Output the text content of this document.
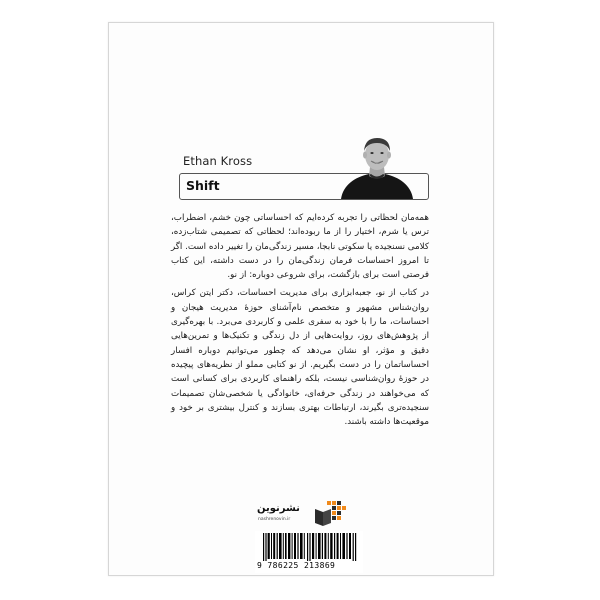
Ethan Kross
Shift

همه‌مان لحظاتی را تجربه کرده‌ایم که احساساتی چون خشم، اضطراب، ترس یا شرم، اختیار را از ما ربوده‌اند؛ لحظاتی که تصمیمی شتاب‌زده، کلامی نسنجیده یا سکوتی نابجا، مسیر زندگی‌مان را تغییر داده است. اگر تا امروز احساسات فرمان زندگی‌مان را در دست داشته، این کتاب فرصتی است برای بازگشت، برای شروعی دوباره: از نو.

در کتاب از نو، جعبه‌ابزاری برای مدیریت احساسات، دکتر ایتن کراس، روان‌شناس مشهور و متخصص نام‌آشنای حوزهٔ مدیریت هیجان و احساسات، ما را با خود به سفری علمی و کاربردی می‌برد. با بهره‌گیری از پژوهش‌های روز، روایت‌هایی از دل زندگی و تکنیک‌ها و تمرین‌هایی دقیق و مؤثر، او نشان می‌دهد که چطور می‌توانیم دوباره افسار احساساتمان را در دست بگیریم. از نو کتابی مملو از نظریه‌های پیچیده در حوزهٔ روان‌شناسی نیست، بلکه راهنمای کاربردی برای کسانی است که می‌خواهند در زندگی حرفه‌ای، خانوادگی یا شخصی‌شان تصمیمات سنجیده‌تری بگیرند، ارتباطات بهتری بسازند و کنترل بیشتری بر خود و موقعیت‌ها داشته باشند.

نشرنوین
nashrenovin.ir
9 786225 213869
